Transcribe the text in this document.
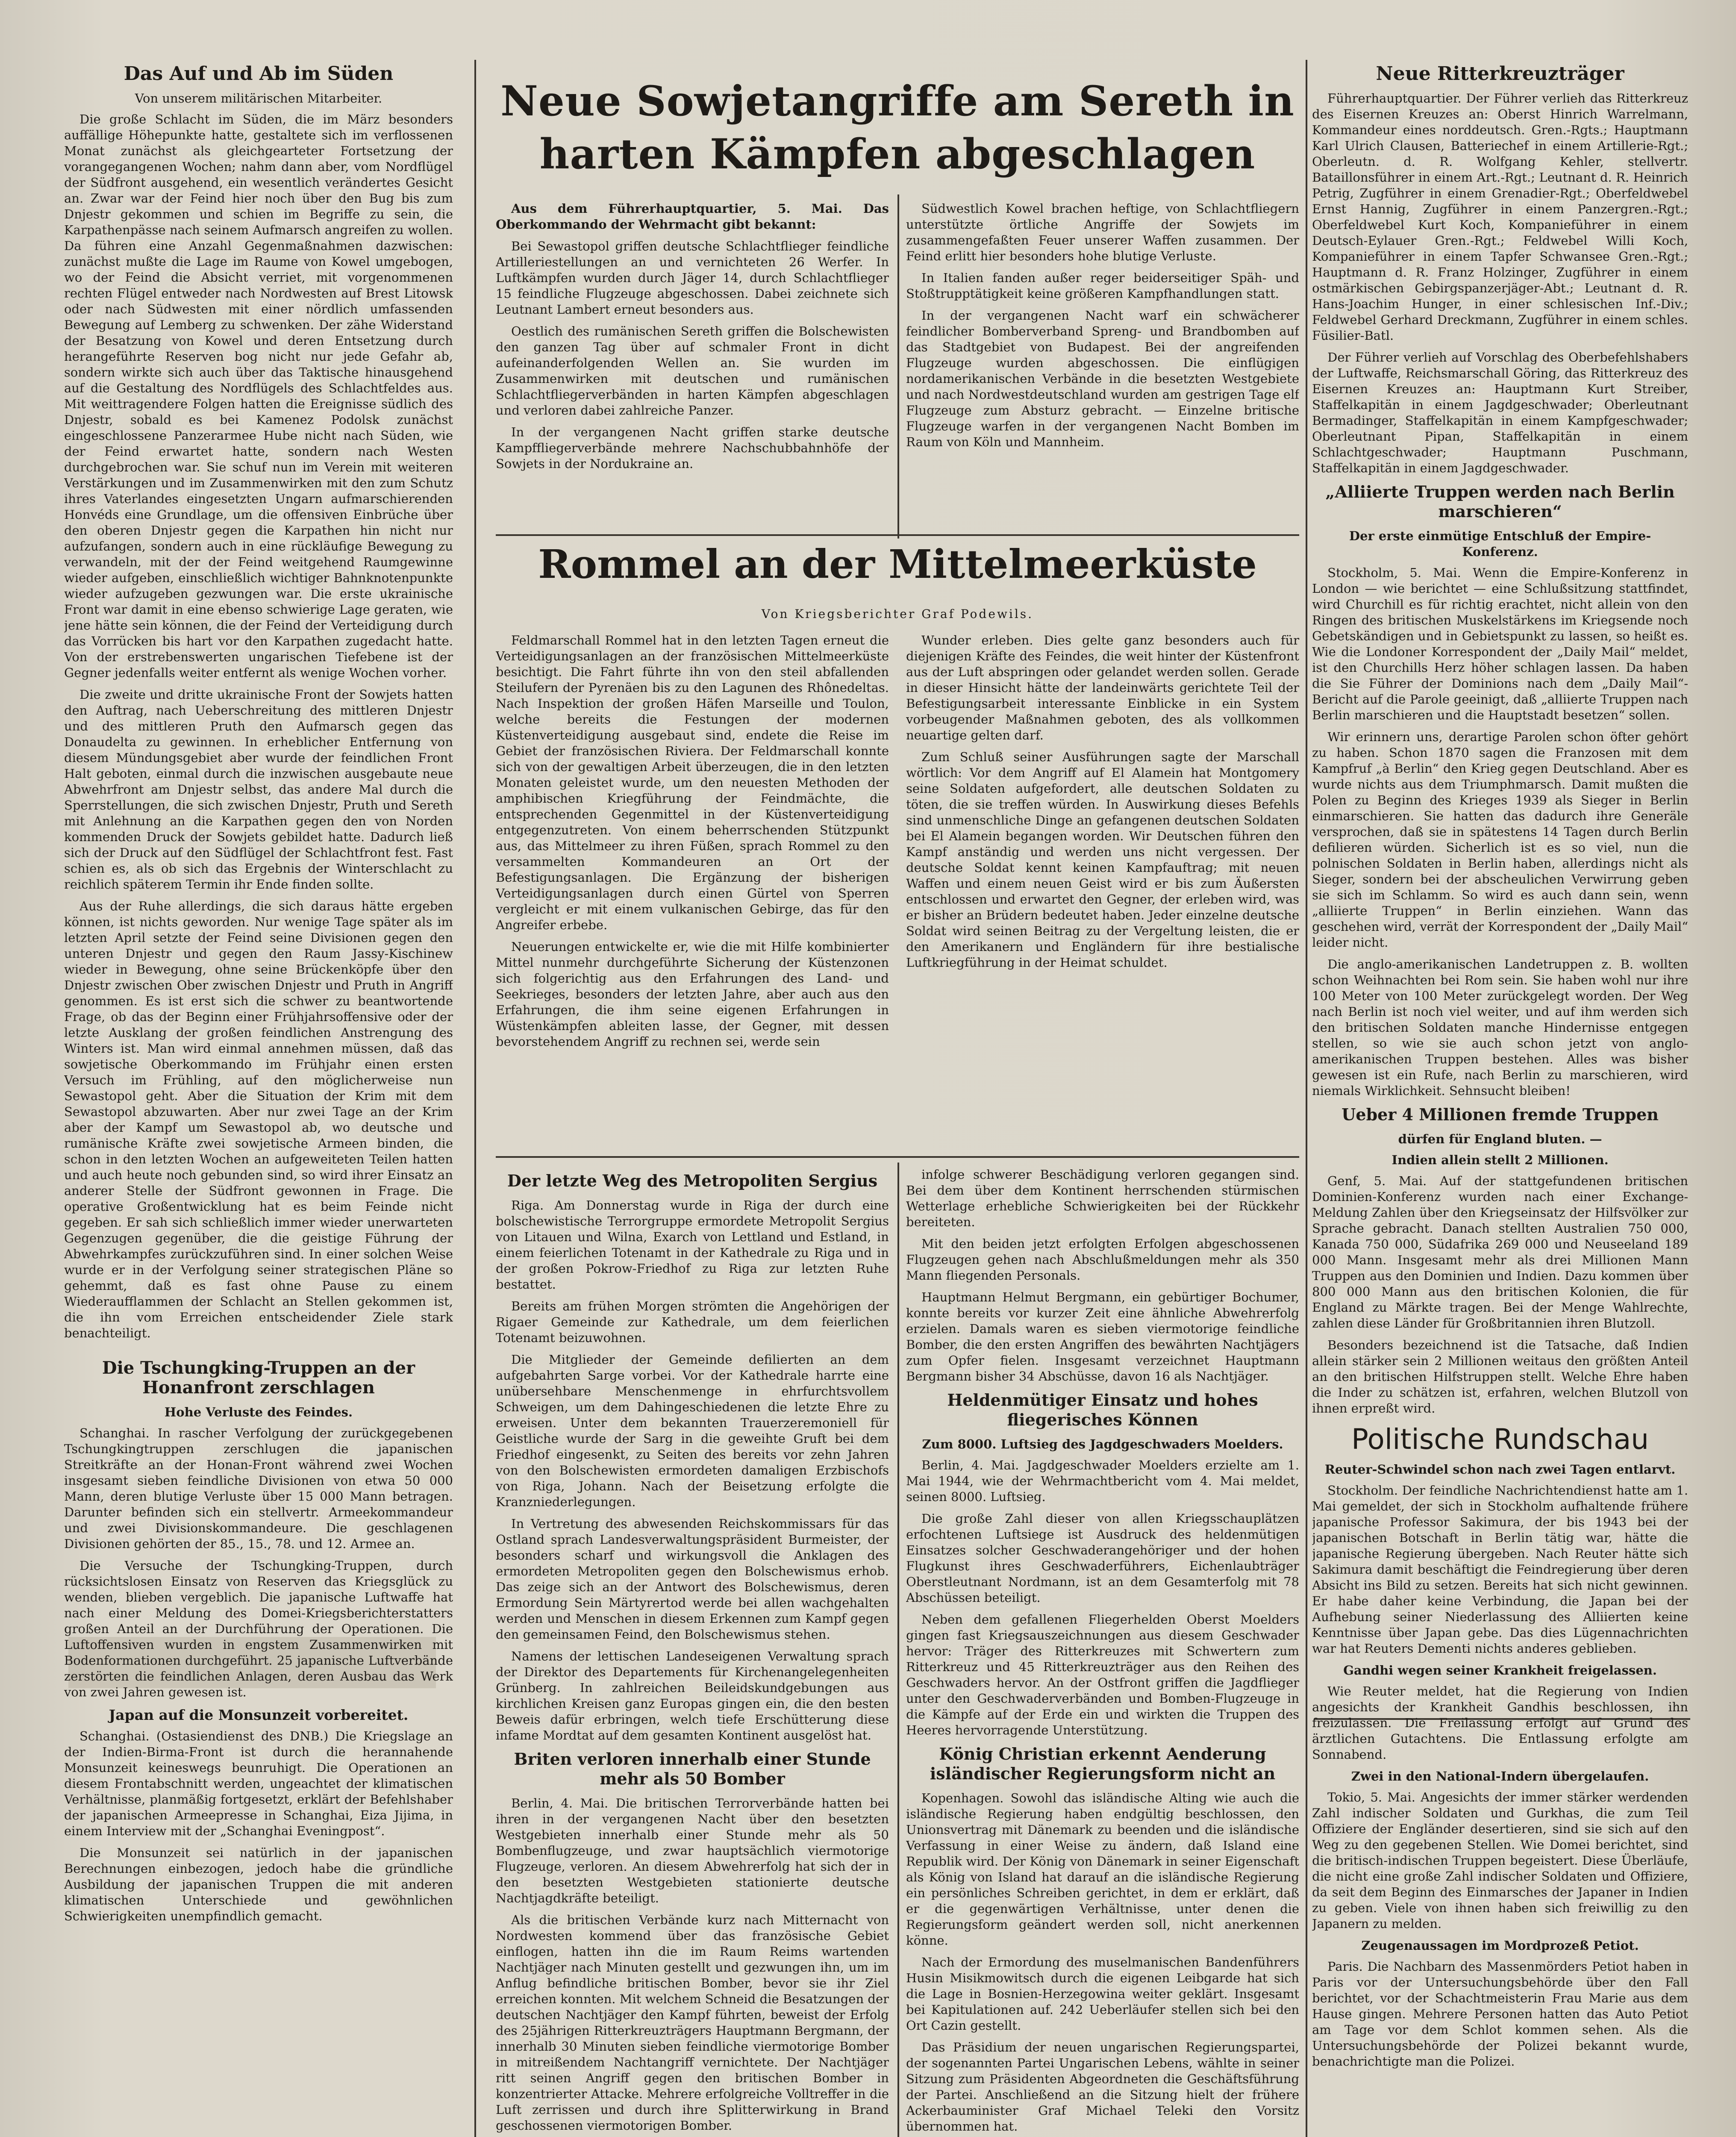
Neue Sowjetangriffe am Sereth in harten Kämpfen abgeschlagen

Aus dem Führerhauptquartier, 5. Mai. Das Oberkommando der Wehrmacht gibt bekannt:

Bei Sewastopol griffen deutsche Schlachtflieger feindliche Artilleriestellungen an und vernichteten 26 Werfer. In Luftkämpfen wurden durch Jäger 14, durch Schlachtflieger 15 feindliche Flugzeuge abgeschossen. Dabei zeichnete sich Leutnant Lambert erneut besonders aus.

Oestlich des rumänischen Sereth griffen die Bolschewisten den ganzen Tag über auf schmaler Front in dicht aufeinanderfolgenden Wellen an. Sie wurden im Zusammenwirken mit deutschen und rumänischen Schlachtfliegerverbänden in harten Kämpfen abgeschlagen und verloren dabei zahlreiche Panzer.

In der vergangenen Nacht griffen starke deutsche Kampffliegerverbände mehrere Nachschubbahnhöfe der Sowjets in der Nordukraine an.

Südwestlich Kowel brachen heftige, von Schlachtfliegern unterstützte örtliche Angriffe der Sowjets im zusammengefaßten Feuer unserer Waffen zusammen. Der Feind erlitt hier besonders hohe blutige Verluste.

In Italien fanden außer reger beiderseitiger Späh- und Stoßtrupptätigkeit keine größeren Kampfhandlungen statt.

In der vergangenen Nacht warf ein schwächerer feindlicher Bomberverband Spreng- und Brandbomben auf das Stadtgebiet von Budapest. Bei der angreifenden Flugzeuge wurden abgeschossen. Die einflügigen nordamerikanischen Verbände in die besetzten Westgebiete und nach Nordwestdeutschland wurden am gestrigen Tage elf Flugzeuge zum Absturz gebracht. — Einzelne britische Flugzeuge warfen in der vergangenen Nacht Bomben im Raum von Köln und Mannheim.

Rommel an der Mittelmeerküste
Von Kriegsberichter Graf Podewils.

Feldmarschall Rommel hat in den letzten Tagen erneut die Verteidigungsanlagen an der französischen Mittelmeerküste besichtigt. Die Fahrt führte ihn von den steil abfallenden Steilufern der Pyrenäen bis zu den Lagunen des Rhônedeltas. Nach Inspektion der großen Häfen Marseille und Toulon, welche bereits die Festungen der modernen Küstenverteidigung ausgebaut sind, endete die Reise im Gebiet der französischen Riviera. Der Feldmarschall konnte sich von der gewaltigen Arbeit überzeugen, die in den letzten Monaten geleistet wurde, um den neuesten Methoden der amphibischen Kriegführung der Feindmächte, die entsprechenden Gegenmittel in der Küstenverteidigung entgegenzutreten. Von einem beherrschenden Stützpunkt aus, das Mittelmeer zu ihren Füßen, sprach Rommel zu den versammelten Kommandeuren an Ort der Befestigungsanlagen. Die Ergänzung der bisherigen Verteidigungsanlagen durch einen Gürtel von Sperren vergleicht er mit einem vulkanischen Gebirge, das für den Angreifer erbebe.

Neuerungen entwickelte er, wie die mit Hilfe kombinierter Mittel nunmehr durchgeführte Sicherung der Küstenzonen sich folgerichtig aus den Erfahrungen des Land- und Seekrieges, besonders der letzten Jahre, aber auch aus den Erfahrungen, die ihm seine eigenen Erfahrungen in Wüstenkämpfen ableiten lasse, der Gegner, mit dessen bevorstehendem Angriff zu rechnen sei, werde sein

Wunder erleben. Dies gelte ganz besonders auch für diejenigen Kräfte des Feindes, die weit hinter der Küstenfront aus der Luft abspringen oder gelandet werden sollen. Gerade in dieser Hinsicht hätte der landeinwärts gerichtete Teil der Befestigungsarbeit interessante Einblicke in ein System vorbeugender Maßnahmen geboten, des als vollkommen neuartige gelten darf.

Zum Schluß seiner Ausführungen sagte der Marschall wörtlich: Vor dem Angriff auf El Alamein hat Montgomery seine Soldaten aufgefordert, alle deutschen Soldaten zu töten, die sie treffen würden. In Auswirkung dieses Befehls sind unmenschliche Dinge an gefangenen deutschen Soldaten bei El Alamein begangen worden. Wir Deutschen führen den Kampf anständig und werden uns nicht vergessen. Der deutsche Soldat kennt keinen Kampfauftrag; mit neuen Waffen und einem neuen Geist wird er bis zum Äußersten entschlossen und erwartet den Gegner, der erleben wird, was er bisher an Brüdern bedeutet haben. Jeder einzelne deutsche Soldat wird seinen Beitrag zu der Vergeltung leisten, die er den Amerikanern und Engländern für ihre bestialische Luftkriegführung in der Heimat schuldet.

Der letzte Weg des Metropoliten Sergius

Riga. Am Donnerstag wurde in Riga der durch eine bolschewistische Terrorgruppe ermordete Metropolit Sergius von Litauen und Wilna, Exarch von Lettland und Estland, in einem feierlichen Totenamt in der Kathedrale zu Riga und in der großen Pokrow-Friedhof zu Riga zur letzten Ruhe bestattet.

Bereits am frühen Morgen strömten die Angehörigen der Rigaer Gemeinde zur Kathedrale, um dem feierlichen Totenamt beizuwohnen.

Die Mitglieder der Gemeinde defilierten an dem aufgebahrten Sarge vorbei. Vor der Kathedrale harrte eine unübersehbare Menschenmenge in ehrfurchtsvollem Schweigen, um dem Dahingeschiedenen die letzte Ehre zu erweisen. Unter dem bekannten Trauerzeremoniell für Geistliche wurde der Sarg in die geweihte Gruft bei dem Friedhof eingesenkt, zu Seiten des bereits vor zehn Jahren von den Bolschewisten ermordeten damaligen Erzbischofs von Riga, Johann. Nach der Beisetzung erfolgte die Kranzniederlegungen.

In Vertretung des abwesenden Reichskommissars für das Ostland sprach Landesverwaltungspräsident Burmeister, der besonders scharf und wirkungsvoll die Anklagen des ermordeten Metropoliten gegen den Bolschewismus erhob. Das zeige sich an der Antwort des Bolschewismus, deren Ermordung Sein Märtyrertod werde bei allen wachgehalten werden und Menschen in diesem Erkennen zum Kampf gegen den gemeinsamen Feind, den Bolschewismus stehen.

Namens der lettischen Landeseigenen Verwaltung sprach der Direktor des Departements für Kirchenangelegenheiten Grünberg. In zahlreichen Beileidskundgebungen aus kirchlichen Kreisen ganz Europas gingen ein, die den besten Beweis dafür erbringen, welch tiefe Erschütterung diese infame Mordtat auf dem gesamten Kontinent ausgelöst hat.

Briten verloren innerhalb einer Stunde mehr als 50 Bomber

Berlin, 4. Mai. Die britischen Terrorverbände hatten bei ihren in der vergangenen Nacht über den besetzten Westgebieten innerhalb einer Stunde mehr als 50 Bombenflugzeuge, und zwar hauptsächlich viermotorige Flugzeuge, verloren. An diesem Abwehrerfolg hat sich der in den besetzten Westgebieten stationierte deutsche Nachtjagdkräfte beteiligt.

Als die britischen Verbände kurz nach Mitternacht von Nordwesten kommend über das französische Gebiet einflogen, hatten ihn die im Raum Reims wartenden Nachtjäger nach Minuten gestellt und gezwungen ihn, um im Anflug befindliche britischen Bomber, bevor sie ihr Ziel erreichen konnten. Mit welchem Schneid die Besatzungen der deutschen Nachtjäger den Kampf führten, beweist der Erfolg des 25jährigen Ritterkreuzträgers Hauptmann Bergmann, der innerhalb 30 Minuten sieben feindliche viermotorige Bomber in mitreißendem Nachtangriff vernichtete. Der Nachtjäger ritt seinen Angriff gegen den britischen Bomber in konzentrierter Attacke. Mehrere erfolgreiche Volltreffer in die Luft zerrissen und durch ihre Splitterwirkung in Brand geschossenen viermotorigen Bomber.

infolge schwerer Beschädigung verloren gegangen sind. Bei dem über dem Kontinent herrschenden stürmischen Wetterlage erhebliche Schwierigkeiten bei der Rückkehr bereiteten.

Mit den beiden jetzt erfolgten Erfolgen abgeschossenen Flugzeugen gehen nach Abschlußmeldungen mehr als 350 Mann fliegenden Personals.

Hauptmann Helmut Bergmann, ein gebürtiger Bochumer, konnte bereits vor kurzer Zeit eine ähnliche Abwehrerfolg erzielen. Damals waren es sieben viermotorige feindliche Bomber, die den ersten Angriffen des bewährten Nachtjägers zum Opfer fielen. Insgesamt verzeichnet Hauptmann Bergmann bisher 34 Abschüsse, davon 16 als Nachtjäger.

Heldenmütiger Einsatz und hohes fliegerisches Können

Zum 8000. Luftsieg des Jagdgeschwaders Moelders.

Berlin, 4. Mai. Jagdgeschwader Moelders erzielte am 1. Mai 1944, wie der Wehrmachtbericht vom 4. Mai meldet, seinen 8000. Luftsieg.

Die große Zahl dieser von allen Kriegsschauplätzen erfochtenen Luftsiege ist Ausdruck des heldenmütigen Einsatzes solcher Geschwaderangehöriger und der hohen Flugkunst ihres Geschwaderführers, Eichenlaubträger Oberstleutnant Nordmann, ist an dem Gesamterfolg mit 78 Abschüssen beteiligt.

Neben dem gefallenen Fliegerhelden Oberst Moelders gingen fast Kriegsauszeichnungen aus diesem Geschwader hervor: Träger des Ritterkreuzes mit Schwertern zum Ritterkreuz und 45 Ritterkreuzträger aus den Reihen des Geschwaders hervor. An der Ostfront griffen die Jagdflieger unter den Geschwaderverbänden und Bomben-Flugzeuge in die Kämpfe auf der Erde ein und wirkten die Truppen des Heeres hervorragende Unterstützung.

König Christian erkennt Aenderung isländischer Regierungsform nicht an

Kopenhagen. Sowohl das isländische Alting wie auch die isländische Regierung haben endgültig beschlossen, den Unionsvertrag mit Dänemark zu beenden und die isländische Verfassung in einer Weise zu ändern, daß Island eine Republik wird. Der König von Dänemark in seiner Eigenschaft als König von Island hat darauf an die isländische Regierung ein persönliches Schreiben gerichtet, in dem er erklärt, daß er die gegenwärtigen Verhältnisse, unter denen die Regierungsform geändert werden soll, nicht anerkennen könne.

Nach der Ermordung des muselmanischen Bandenführers Husin Misikmowitsch durch die eigenen Leibgarde hat sich die Lage in Bosnien-Herzegowina weiter geklärt. Insgesamt bei Kapitulationen auf. 242 Ueberläufer stellen sich bei den Ort Cazin gestellt.

Das Präsidium der neuen ungarischen Regierungspartei, der sogenannten Partei Ungarischen Lebens, wählte in seiner Sitzung zum Präsidenten Abgeordneten die Geschäftsführung der Partei. Anschließend an die Sitzung hielt der frühere Ackerbauminister Graf Michael Teleki den Vorsitz übernommen hat.

Das Auf und Ab im Süden

Von unserem militärischen Mitarbeiter.

Die große Schlacht im Süden, die im März besonders auffällige Höhepunkte hatte, gestaltete sich im verflossenen Monat zunächst als gleichgearteter Fortsetzung der vorangegangenen Wochen; nahm dann aber, vom Nordflügel der Südfront ausgehend, ein wesentlich verändertes Gesicht an. Zwar war der Feind hier noch über den Bug bis zum Dnjestr gekommen und schien im Begriffe zu sein, die Karpathenpässe nach seinem Aufmarsch angreifen zu wollen. Da führen eine Anzahl Gegenmaßnahmen dazwischen: zunächst mußte die Lage im Raume von Kowel umgebogen, wo der Feind die Absicht verriet, mit vorgenommenen rechten Flügel entweder nach Nordwesten auf Brest Litowsk oder nach Südwesten mit einer nördlich umfassenden Bewegung auf Lemberg zu schwenken. Der zähe Widerstand der Besatzung von Kowel und deren Entsetzung durch herangeführte Reserven bog nicht nur jede Gefahr ab, sondern wirkte sich auch über das Taktische hinausgehend auf die Gestaltung des Nordflügels des Schlachtfeldes aus. Mit weittragendere Folgen hatten die Ereignisse südlich des Dnjestr, sobald es bei Kamenez Podolsk zunächst eingeschlossene Panzerarmee Hube nicht nach Süden, wie der Feind erwartet hatte, sondern nach Westen durchgebrochen war. Sie schuf nun im Verein mit weiteren Verstärkungen und im Zusammenwirken mit den zum Schutz ihres Vaterlandes eingesetzten Ungarn aufmarschierenden Honvéds eine Grundlage, um die offensiven Einbrüche über den oberen Dnjestr gegen die Karpathen hin nicht nur aufzufangen, sondern auch in eine rückläufige Bewegung zu verwandeln, mit der der Feind weitgehend Raumgewinne wieder aufgeben, einschließlich wichtiger Bahnknotenpunkte wieder aufzugeben gezwungen war. Die erste ukrainische Front war damit in eine ebenso schwierige Lage geraten, wie jene hätte sein können, die der Feind der Verteidigung durch das Vorrücken bis hart vor den Karpathen zugedacht hatte. Von der erstrebenswerten ungarischen Tiefebene ist der Gegner jedenfalls weiter entfernt als wenige Wochen vorher.

Die zweite und dritte ukrainische Front der Sowjets hatten den Auftrag, nach Ueberschreitung des mittleren Dnjestr und des mittleren Pruth den Aufmarsch gegen das Donaudelta zu gewinnen. In erheblicher Entfernung von diesem Mündungsgebiet aber wurde der feindlichen Front Halt geboten, einmal durch die inzwischen ausgebaute neue Abwehrfront am Dnjestr selbst, das andere Mal durch die Sperrstellungen, die sich zwischen Dnjestr, Pruth und Sereth mit Anlehnung an die Karpathen gegen den von Norden kommenden Druck der Sowjets gebildet hatte. Dadurch ließ sich der Druck auf den Südflügel der Schlachtfront fest. Fast schien es, als ob sich das Ergebnis der Winterschlacht zu reichlich späterem Termin ihr Ende finden sollte.

Aus der Ruhe allerdings, die sich daraus hätte ergeben können, ist nichts geworden. Nur wenige Tage später als im letzten April setzte der Feind seine Divisionen gegen den unteren Dnjestr und gegen den Raum Jassy-Kischinew wieder in Bewegung, ohne seine Brückenköpfe über den Dnjestr zwischen Ober zwischen Dnjestr und Pruth in Angriff genommen. Es ist erst sich die schwer zu beantwortende Frage, ob das der Beginn einer Frühjahrsoffensive oder der letzte Ausklang der großen feindlichen Anstrengung des Winters ist. Man wird einmal annehmen müssen, daß das sowjetische Oberkommando im Frühjahr einen ersten Versuch im Frühling, auf den möglicherweise nun Sewastopol geht. Aber die Situation der Krim mit dem Sewastopol abzuwarten. Aber nur zwei Tage an der Krim aber der Kampf um Sewastopol ab, wo deutsche und rumänische Kräfte zwei sowjetische Armeen binden, die schon in den letzten Wochen an aufgeweiteten Teilen hatten und auch heute noch gebunden sind, so wird ihrer Einsatz an anderer Stelle der Südfront gewonnen in Frage. Die operative Großentwicklung hat es beim Feinde nicht gegeben. Er sah sich schließlich immer wieder unerwarteten Gegenzugen gegenüber, die die geistige Führung der Abwehrkampfes zurückzuführen sind. In einer solchen Weise wurde er in der Verfolgung seiner strategischen Pläne so gehemmt, daß es fast ohne Pause zu einem Wiederaufflammen der Schlacht an Stellen gekommen ist, die ihn vom Erreichen entscheidender Ziele stark benachteiligt.

Die Tschungking-Truppen an der Honanfront zerschlagen

Hohe Verluste des Feindes.

Schanghai. In rascher Verfolgung der zurückgegebenen Tschungkingtruppen zerschlugen die japanischen Streitkräfte an der Honan-Front während zwei Wochen insgesamt sieben feindliche Divisionen von etwa 50 000 Mann, deren blutige Verluste über 15 000 Mann betragen. Darunter befinden sich ein stellvertr. Armeekommandeur und zwei Divisionskommandeure. Die geschlagenen Divisionen gehörten der 85., 15., 78. und 12. Armee an.

Die Versuche der Tschungking-Truppen, durch rücksichtslosen Einsatz von Reserven das Kriegsglück zu wenden, blieben vergeblich. Die japanische Luftwaffe hat nach einer Meldung des Domei-Kriegsberichterstatters großen Anteil an der Durchführung der Operationen. Die Luftoffensiven wurden in engstem Zusammenwirken mit Bodenformationen durchgeführt. 25 japanische Luftverbände zerstörten die feindlichen Anlagen, deren Ausbau das Werk von zwei Jahren gewesen ist.

Japan auf die Monsunzeit vorbereitet.

Schanghai. (Ostasiendienst des DNB.) Die Kriegslage an der Indien-Birma-Front ist durch die herannahende Monsunzeit keineswegs beunruhigt. Die Operationen an diesem Frontabschnitt werden, ungeachtet der klimatischen Verhältnisse, planmäßig fortgesetzt, erklärt der Befehlshaber der japanischen Armeepresse in Schanghai, Eiza Jijima, in einem Interview mit der „Schanghai Eveningpost“.

Die Monsunzeit sei natürlich in der japanischen Berechnungen einbezogen, jedoch habe die gründliche Ausbildung der japanischen Truppen die mit anderen klimatischen Unterschiede und gewöhnlichen Schwierigkeiten unempfindlich gemacht.

Neue Ritterkreuzträger

Führerhauptquartier. Der Führer verlieh das Ritterkreuz des Eisernen Kreuzes an: Oberst Hinrich Warrelmann, Kommandeur eines norddeutsch. Gren.-Rgts.; Hauptmann Karl Ulrich Clausen, Batteriechef in einem Artillerie-Rgt.; Oberleutn. d. R. Wolfgang Kehler, stellvertr. Bataillonsführer in einem Art.-Rgt.; Leutnant d. R. Heinrich Petrig, Zugführer in einem Grenadier-Rgt.; Oberfeldwebel Ernst Hannig, Zugführer in einem Panzergren.-Rgt.; Oberfeldwebel Kurt Koch, Kompanieführer in einem Deutsch-Eylauer Gren.-Rgt.; Feldwebel Willi Koch, Kompanieführer in einem Tapfer Schwansee Gren.-Rgt.; Hauptmann d. R. Franz Holzinger, Zugführer in einem ostmärkischen Gebirgspanzerjäger-Abt.; Leutnant d. R. Hans-Joachim Hunger, in einer schlesischen Inf.-Div.; Feldwebel Gerhard Dreckmann, Zugführer in einem schles. Füsilier-Batl.

Der Führer verlieh auf Vorschlag des Oberbefehlshabers der Luftwaffe, Reichsmarschall Göring, das Ritterkreuz des Eisernen Kreuzes an: Hauptmann Kurt Streiber, Staffelkapitän in einem Jagdgeschwader; Oberleutnant Bermadinger, Staffelkapitän in einem Kampfgeschwader; Oberleutnant Pipan, Staffelkapitän in einem Schlachtgeschwader; Hauptmann Puschmann, Staffelkapitän in einem Jagdgeschwader.

„Alliierte Truppen werden nach Berlin marschieren“

Der erste einmütige Entschluß der Empire-Konferenz.

Stockholm, 5. Mai. Wenn die Empire-Konferenz in London — wie berichtet — eine Schlußsitzung stattfindet, wird Churchill es für richtig erachtet, nicht allein von den Ringen des britischen Muskelstärkens im Kriegsende noch Gebetskändigen und in Gebietspunkt zu lassen, so heißt es. Wie die Londoner Korrespondent der „Daily Mail“ meldet, ist den Churchills Herz höher schlagen lassen. Da haben die Sie Führer der Dominions nach dem „Daily Mail“-Bericht auf die Parole geeinigt, daß „alliierte Truppen nach Berlin marschieren und die Hauptstadt besetzen“ sollen.

Wir erinnern uns, derartige Parolen schon öfter gehört zu haben. Schon 1870 sagen die Franzosen mit dem Kampfruf „à Berlin“ den Krieg gegen Deutschland. Aber es wurde nichts aus dem Triumphmarsch. Damit mußten die Polen zu Beginn des Krieges 1939 als Sieger in Berlin einmarschieren. Sie hatten das dadurch ihre Generäle versprochen, daß sie in spätestens 14 Tagen durch Berlin defilieren würden. Sicherlich ist es so viel, nun die polnischen Soldaten in Berlin haben, allerdings nicht als Sieger, sondern bei der abscheulichen Verwirrung geben sie sich im Schlamm. So wird es auch dann sein, wenn „alliierte Truppen“ in Berlin einziehen. Wann das geschehen wird, verrät der Korrespondent der „Daily Mail“ leider nicht.

Die anglo-amerikanischen Landetruppen z. B. wollten schon Weihnachten bei Rom sein. Sie haben wohl nur ihre 100 Meter von 100 Meter zurückgelegt worden. Der Weg nach Berlin ist noch viel weiter, und auf ihm werden sich den britischen Soldaten manche Hindernisse entgegen stellen, so wie sie auch schon jetzt von anglo-amerikanischen Truppen bestehen. Alles was bisher gewesen ist ein Rufe, nach Berlin zu marschieren, wird niemals Wirklichkeit. Sehnsucht bleiben!

Ueber 4 Millionen fremde Truppen

dürfen für England bluten. —

Indien allein stellt 2 Millionen.

Genf, 5. Mai. Auf der stattgefundenen britischen Dominien-Konferenz wurden nach einer Exchange-Meldung Zahlen über den Kriegseinsatz der Hilfsvölker zur Sprache gebracht. Danach stellten Australien 750 000, Kanada 750 000, Südafrika 269 000 und Neuseeland 189 000 Mann. Insgesamt mehr als drei Millionen Mann Truppen aus den Dominien und Indien. Dazu kommen über 800 000 Mann aus den britischen Kolonien, die für England zu Märkte tragen. Bei der Menge Wahlrechte, zahlen diese Länder für Großbritannien ihren Blutzoll.

Besonders bezeichnend ist die Tatsache, daß Indien allein stärker sein 2 Millionen weitaus den größten Anteil an den britischen Hilfstruppen stellt. Welche Ehre haben die Inder zu schätzen ist, erfahren, welchen Blutzoll von ihnen erpreßt wird.

Politische Rundschau

Reuter-Schwindel schon nach zwei Tagen entlarvt.

Stockholm. Der feindliche Nachrichtendienst hatte am 1. Mai gemeldet, der sich in Stockholm aufhaltende frühere japanische Professor Sakimura, der bis 1943 bei der japanischen Botschaft in Berlin tätig war, hätte die japanische Regierung übergeben. Nach Reuter hätte sich Sakimura damit beschäftigt die Feindregierung über deren Absicht ins Bild zu setzen. Bereits hat sich nicht gewinnen. Er habe daher keine Verbindung, die Japan bei der Aufhebung seiner Niederlassung des Alliierten keine Kenntnisse über Japan gebe. Das dies Lügennachrichten war hat Reuters Dementi nichts anderes geblieben.

Gandhi wegen seiner Krankheit freigelassen.

Wie Reuter meldet, hat die Regierung von Indien angesichts der Krankheit Gandhis beschlossen, ihn freizulassen. Die Freilassung erfolgt auf Grund des ärztlichen Gutachtens. Die Entlassung erfolgte am Sonnabend.

Zwei in den National-Indern übergelaufen.

Tokio, 5. Mai. Angesichts der immer stärker werdenden Zahl indischer Soldaten und Gurkhas, die zum Teil Offiziere der Engländer desertieren, sind sie sich auf den Weg zu den gegebenen Stellen. Wie Domei berichtet, sind die britisch-indischen Truppen begeistert. Diese Überläufe, die nicht eine große Zahl indischer Soldaten und Offiziere, da seit dem Beginn des Einmarsches der Japaner in Indien zu geben. Viele von ihnen haben sich freiwillig zu den Japanern zu melden.

Zeugenaussagen im Mordprozeß Petiot.

Paris. Die Nachbarn des Massenmörders Petiot haben in Paris vor der Untersuchungsbehörde über den Fall berichtet, vor der Schachtmeisterin Frau Marie aus dem Hause gingen. Mehrere Personen hatten das Auto Petiot am Tage vor dem Schlot kommen sehen. Als die Untersuchungsbehörde der Polizei bekannt wurde, benachrichtigte man die Polizei.
